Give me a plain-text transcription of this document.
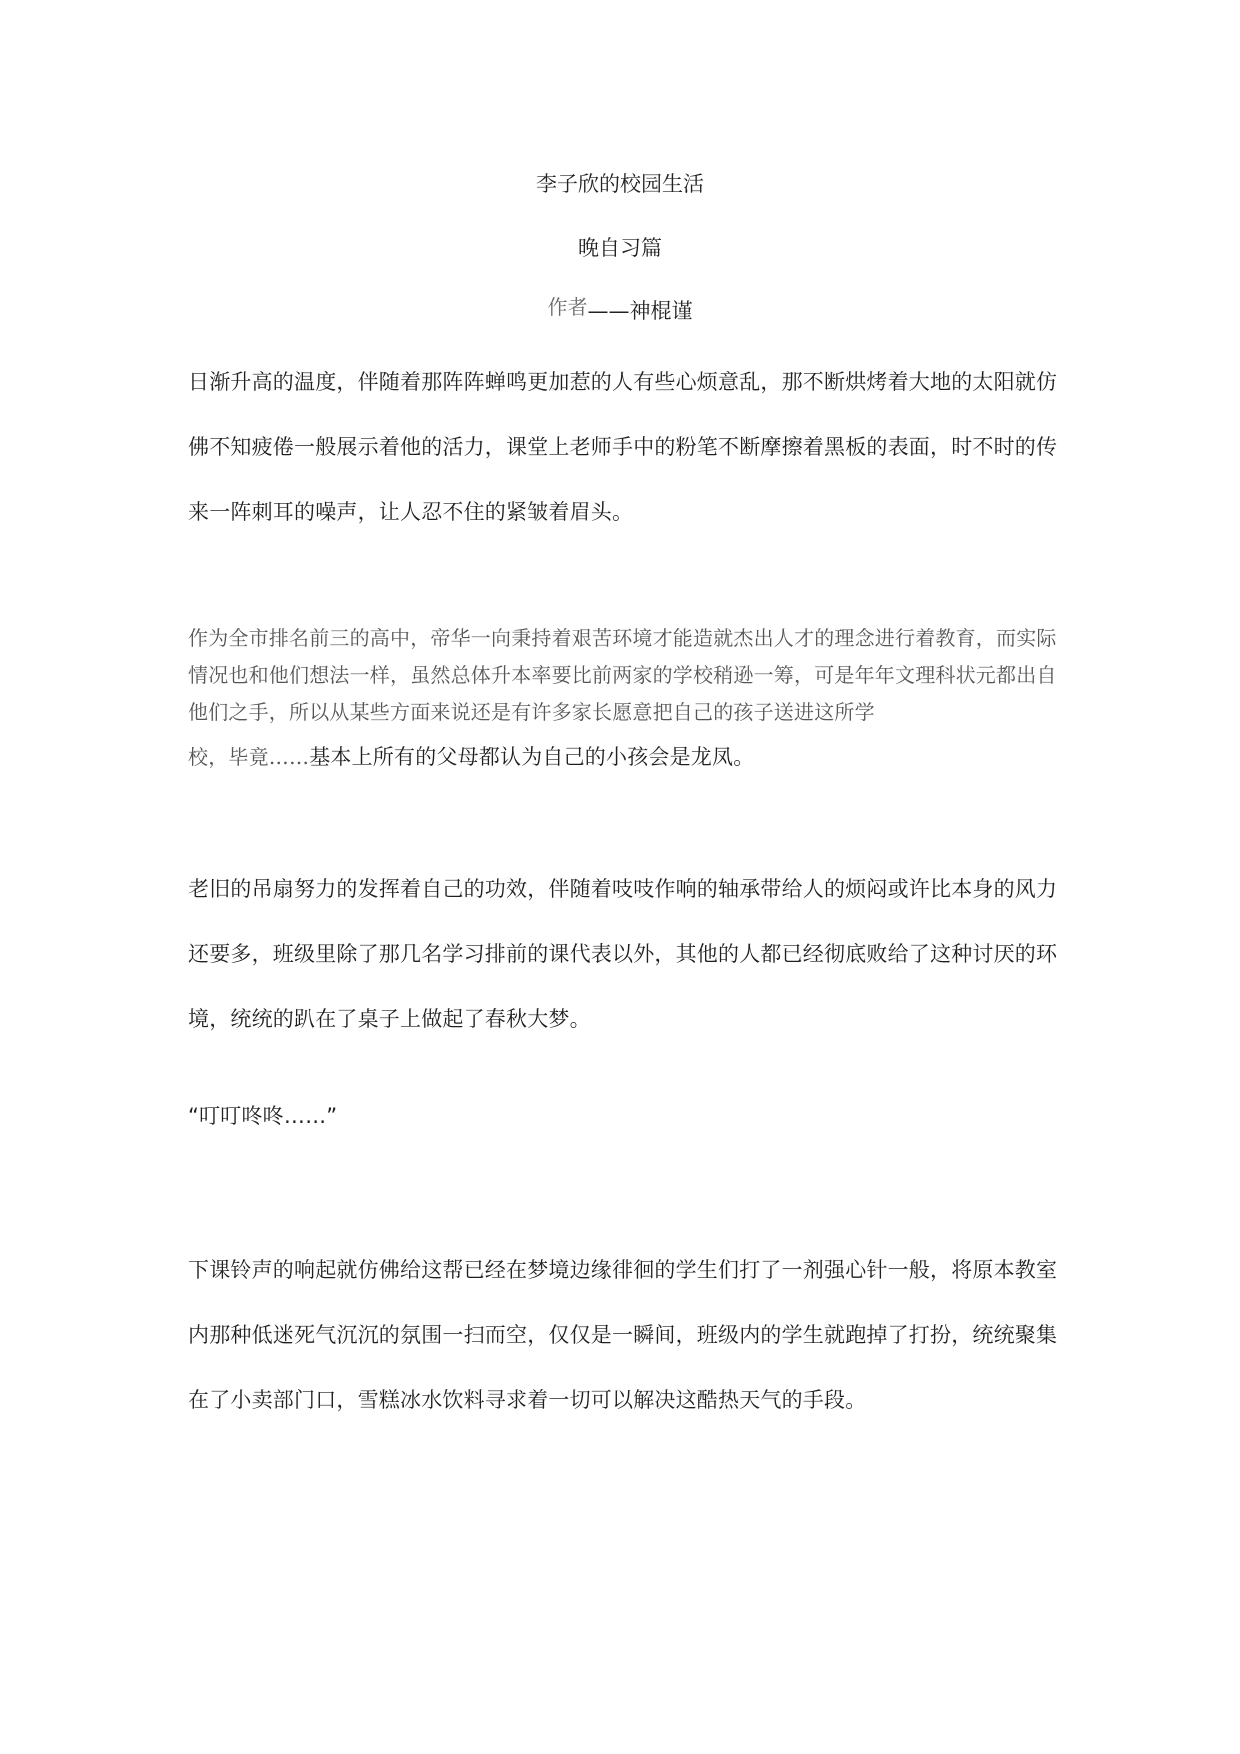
李子欣的校园生活
晚自习篇
作者——神棍谨

日渐升高的温度，伴随着那阵阵蝉鸣更加惹的人有些心烦意乱，那不断烘烤着大地的太阳就仿佛不知疲倦一般展示着他的活力，课堂上老师手中的粉笔不断摩擦着黑板的表面，时不时的传来一阵刺耳的噪声，让人忍不住的紧皱着眉头。

作为全市排名前三的高中，帝华一向秉持着艰苦环境才能造就杰出人才的理念进行着教育，而实际情况也和他们想法一样，虽然总体升本率要比前两家的学校稍逊一筹，可是年年文理科状元都出自他们之手，所以从某些方面来说还是有许多家长愿意把自己的孩子送进这所学
校，毕竟……基本上所有的父母都认为自己的小孩会是龙凤。

老旧的吊扇努力的发挥着自己的功效，伴随着吱吱作响的轴承带给人的烦闷或许比本身的风力还要多，班级里除了那几名学习排前的课代表以外，其他的人都已经彻底败给了这种讨厌的环境，统统的趴在了桌子上做起了春秋大梦。

“叮叮咚咚……”

下课铃声的响起就仿佛给这帮已经在梦境边缘徘徊的学生们打了一剂强心针一般，将原本教室内那种低迷死气沉沉的氛围一扫而空，仅仅是一瞬间，班级内的学生就跑掉了打扮，统统聚集在了小卖部门口，雪糕冰水饮料寻求着一切可以解决这酷热天气的手段。
